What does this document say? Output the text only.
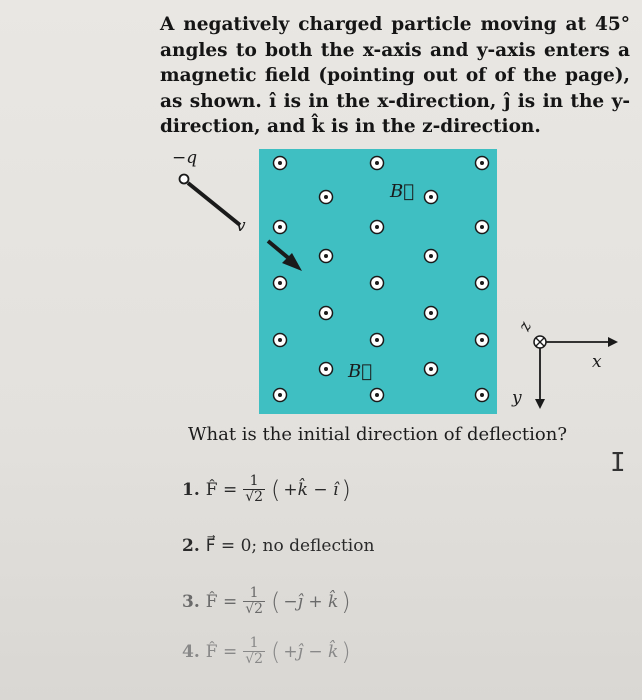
A negatively charged particle moving at 45° angles to both the x-axis and y-axis enters a magnetic field (pointing out of of the page), as shown. î is in the x-direction, ĵ is in the y-direction, and k̂ is in the z-direction.

B⃗
B⃗
−q
v
x
y
z
What is the initial direction of deflection?
I
1. F̂ = $\frac{1}{√2}$ ( +k̂ − î )
2. F⃗ = 0; no deflection
3. F̂ = $\frac{1}{√2}$ ( −ĵ + k̂ )
4. F̂ = $\frac{1}{√2}$ ( +ĵ − k̂ )
